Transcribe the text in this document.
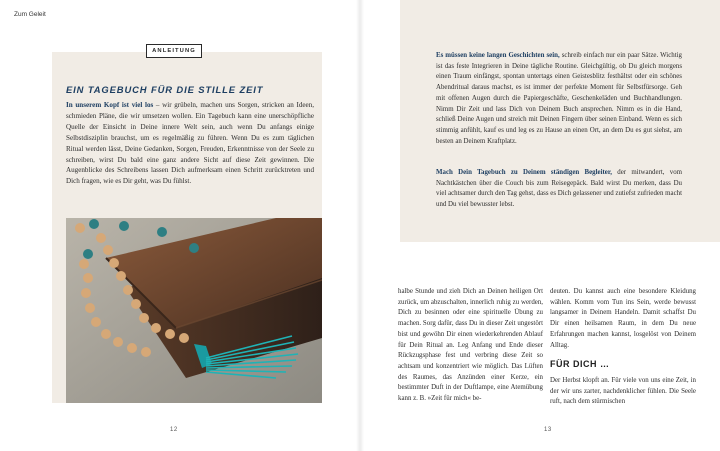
Zum Geleit
ANLEITUNG
EIN TAGEBUCH FÜR DIE STILLE ZEIT
In unserem Kopf ist viel los – wir grübeln, machen uns Sorgen, stricken an Ideen, schmieden Pläne, die wir umsetzen wollen. Ein Tagebuch kann eine unerschöpfliche Quelle der Einsicht in Deine innere Welt sein, auch wenn Du anfangs einige Selbstdisziplin brauchst, um es regelmäßig zu führen. Wenn Du es zum täglichen Ritual werden lässt, Deine Gedanken, Sorgen, Freuden, Erkenntnisse von der Seele zu schreiben, wirst Du bald eine ganz andere Sicht auf diese Zeit gewinnen. Die Augenblicke des Schreibens lassen Dich aufmerksam einen Schritt zurücktreten und Dich fragen, wie es Dir geht, was Du fühlst.
12
Es müssen keine langen Geschichten sein, schreib einfach nur ein paar Sätze. Wichtig ist das feste Integrieren in Deine tägliche Routine. Gleichgültig, ob Du gleich morgens einen Traum einfängst, spontan untertags einen Geistesblitz festhältst oder ein schönes Abendritual daraus machst, es ist immer der perfekte Moment für Selbstfürsorge. Geh mit offenen Augen durch die Papiergeschäfte, Geschenkeläden und Buchhandlungen. Nimm Dir Zeit und lass Dich von Deinem Buch ansprechen. Nimm es in die Hand, schließ Deine Augen und streich mit Deinen Fingern über seinen Einband. Wenn es sich stimmig anfühlt, kauf es und leg es zu Hause an einen Ort, an dem Du es gut siehst, am besten an Deinem Kraftplatz.
Mach Dein Tagebuch zu Deinem ständigen Begleiter, der mitwandert, vom Nachtkästchen über die Couch bis zum Reisegepäck. Bald wirst Du merken, dass Du viel achtsamer durch den Tag gehst, dass es Dich gelassener und zutiefst zufrieden macht und Du viel bewusster lebst.
halbe Stunde und zieh Dich an Deinen heiligen Ort zurück, um abzuschalten, innerlich ruhig zu werden, Dich zu besinnen oder eine spirituelle Übung zu machen. Sorg dafür, dass Du in dieser Zeit ungestört bist und gewöhn Dir einen wiederkehrenden Ablauf für Dein Ritual an. Leg Anfang und Ende dieser Rückzugsphase fest und verbring diese Zeit so achtsam und konzentriert wie möglich. Das Lüften des Raumes, das Anzünden einer Kerze, ein bestimmter Duft in der Duftlampe, eine Atemübung kann z. B. »Zeit für mich« be-
deuten. Du kannst auch eine besondere Kleidung wählen. Komm vom Tun ins Sein, werde bewusst langsamer in Deinem Handeln. Damit schaffst Du Dir einen heilsamen Raum, in dem Du neue Erfahrungen machen kannst, losgelöst von Deinem Alltag.
FÜR DICH …
Der Herbst klopft an. Für viele von uns eine Zeit, in der wir uns zarter, nachdenklicher fühlen. Die Seele ruft, nach dem stürmischen
13
